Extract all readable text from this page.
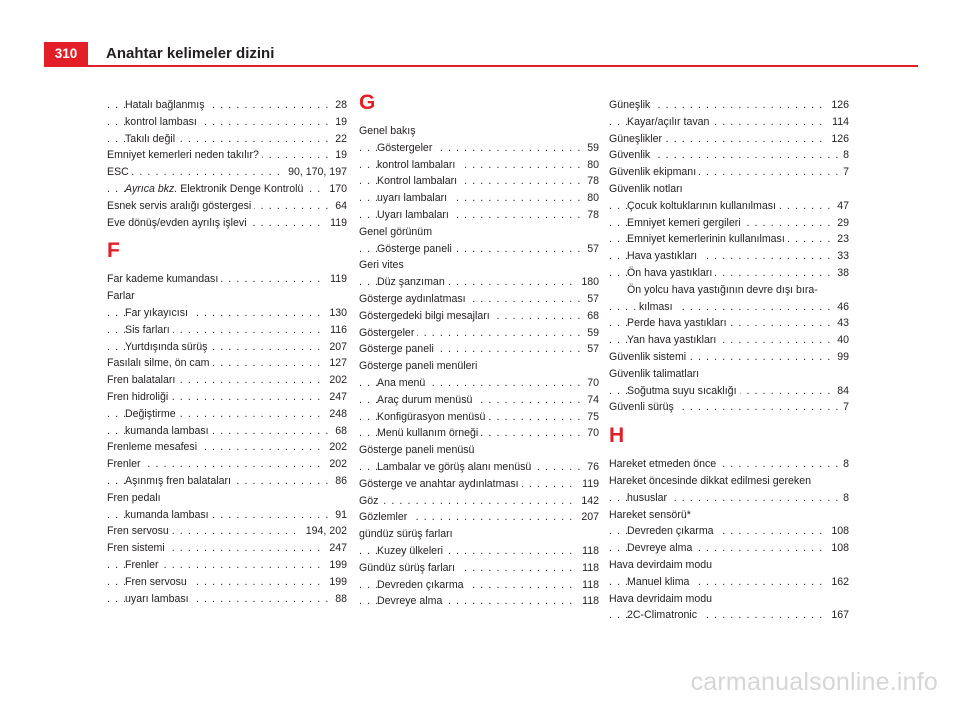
310	Anahtar kelimeler dizini
Hatalı bağlanmış	28
. . .
kontrol lambası	19
. . .
Takılı değil	22
. . .
Emniyet kemerleri neden takılır?	19
. . .
ESC	90, 170, 197
. . .
Ayrıca bkz. Elektronik Denge Kontrolü	170
. . .
Esnek servis aralığı göstergesi	64
. . .
Eve dönüş/evden ayrılış işlevi	119
. . .
F
Far kademe kumandası	119
. . .
Farlar
Far yıkayıcısı	130
. . .
Sis farları	116
. . .
Yurtdışında sürüş	207
. . .
Fasılalı silme, ön cam	127
. . .
Fren balataları	202
. . .
Fren hidroliği	247
. . .
Değiştirme	248
. . .
kumanda lambası	68
. . .
Frenleme mesafesi	202
. . .
Frenler	202
. . .
Aşınmış fren balataları	86
. . .
Fren pedalı
kumanda lambası	91
. . .
Fren servosu	194, 202
. . .
Fren sistemi	247
. . .
Frenler	199
. . .
Fren servosu	199
. . .
uyarı lambası	88
. . .
G
Genel bakış
Göstergeler	59
. . .
kontrol lambaları	80
. . .
Kontrol lambaları	78
. . .
uyarı lambaları	80
. . .
Uyarı lambaları	78
. . .
Genel görünüm
Gösterge paneli	57
. . .
Geri vites
Düz şanzıman	180
. . .
Gösterge aydınlatması	57
. . .
Göstergedeki bilgi mesajları	68
. . .
Göstergeler	59
. . .
Gösterge paneli	57
. . .
Gösterge paneli menüleri
Ana menü	70
. . .
Araç durum menüsü	74
. . .
Konfigürasyon menüsü	75
. . .
Menü kullanım örneği	70
. . .
Gösterge paneli menüsü
Lambalar ve görüş alanı menüsü	76
. . .
Gösterge ve anahtar aydınlatması	119
. . .
Göz	142
. . .
Gözlemler	207
. . .
gündüz sürüş farları
Kuzey ülkeleri	118
. . .
Gündüz sürüş farları	118
. . .
Devreden çıkarma	118
. . .
Devreye alma	118
. . .
Güneşlik	126
. . .
Kayar/açılır tavan	114
. . .
Güneşlikler	126
. . .
Güvenlik	8
. . .
Güvenlik ekipmanı	7
. . .
Güvenlik notları
Çocuk koltuklarının kullanılması	47
. . .
Emniyet kemeri gergileri	29
. . .
Emniyet kemerlerinin kullanılması	23
. . .
Hava yastıkları	33
. . .
Ön hava yastıkları	38
. . .
Ön yolcu hava yastığının devre dışı bıra-
kılması	46
. . .
Perde hava yastıkları	43
. . .
Yan hava yastıkları	40
. . .
Güvenlik sistemi	99
. . .
Güvenlik talimatları
Soğutma suyu sıcaklığı	84
. . .
Güvenli sürüş	7
. . .
H
Hareket etmeden önce	8
. . .
Hareket öncesinde dikkat edilmesi gereken
hususlar	8
. . .
Hareket sensörü*
Devreden çıkarma	108
. . .
Devreye alma	108
. . .
Hava devirdaim modu
Manuel klima	162
. . .
Hava devridaim modu
2C-Climatronic	167
. . .
carmanualsonline.info
